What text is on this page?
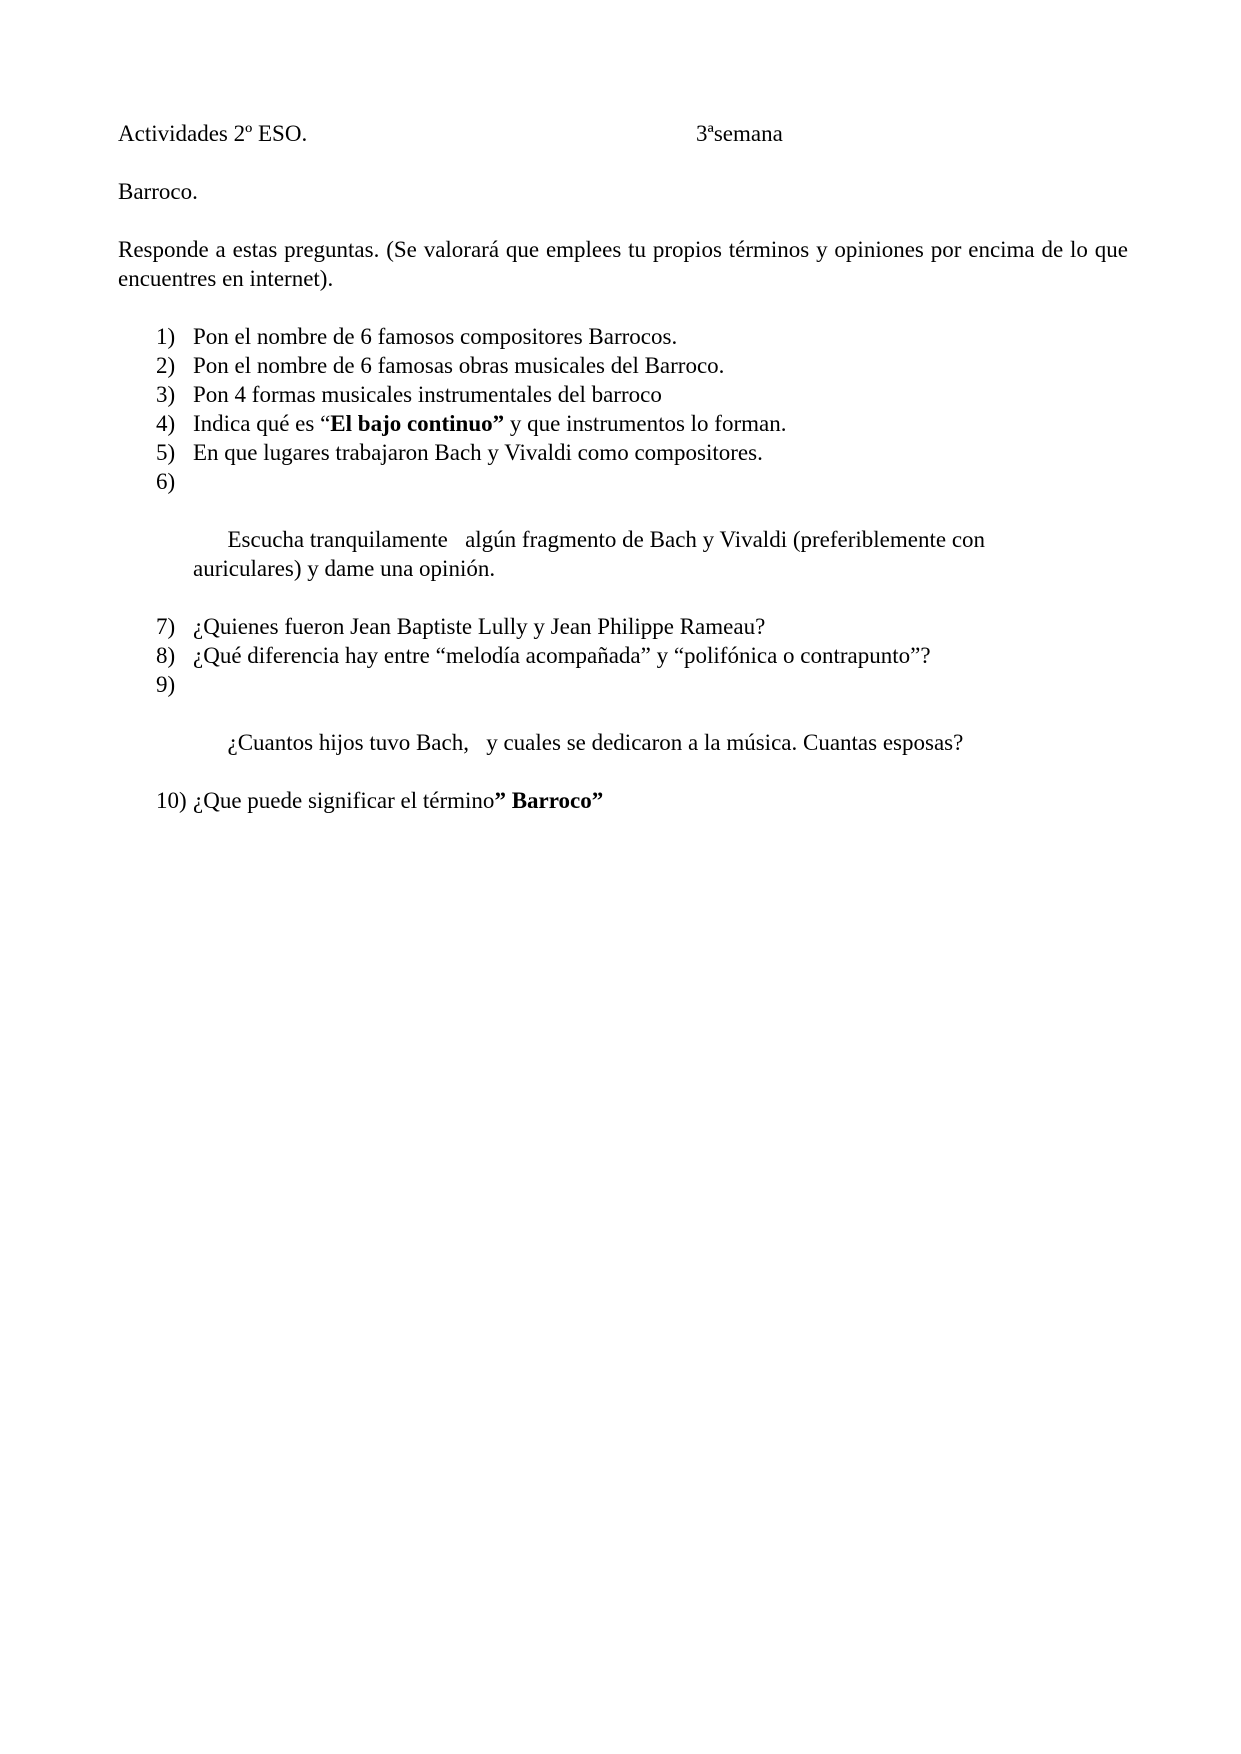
Actividades 2º ESO.	3ªsemana
Barroco.
Responde a estas preguntas. (Se valorará que emplees tu propios términos y opiniones por encima de lo que encuentres en internet).
1) Pon el nombre de 6 famosos compositores Barrocos.
2) Pon el nombre de 6 famosas obras musicales del Barroco.
3) Pon 4 formas musicales instrumentales del barroco
4) Indica qué es “El bajo continuo” y que instrumentos lo forman.
5) En que lugares trabajaron Bach y Vivaldi como compositores.

6)

Escucha tranquilamente   algún fragmento de Bach y Vivaldi (preferiblemente con auriculares) y dame una opinión.

7) ¿Quienes fueron Jean Baptiste Lully y Jean Philippe Rameau?
8) ¿Qué diferencia hay entre “melodía acompañada” y “polifónica o contrapunto”?

9)

¿Cuantos hijos tuvo Bach,   y cuales se dedicaron a la música. Cuantas esposas?

10) ¿Que puede significar el término” Barroco”
